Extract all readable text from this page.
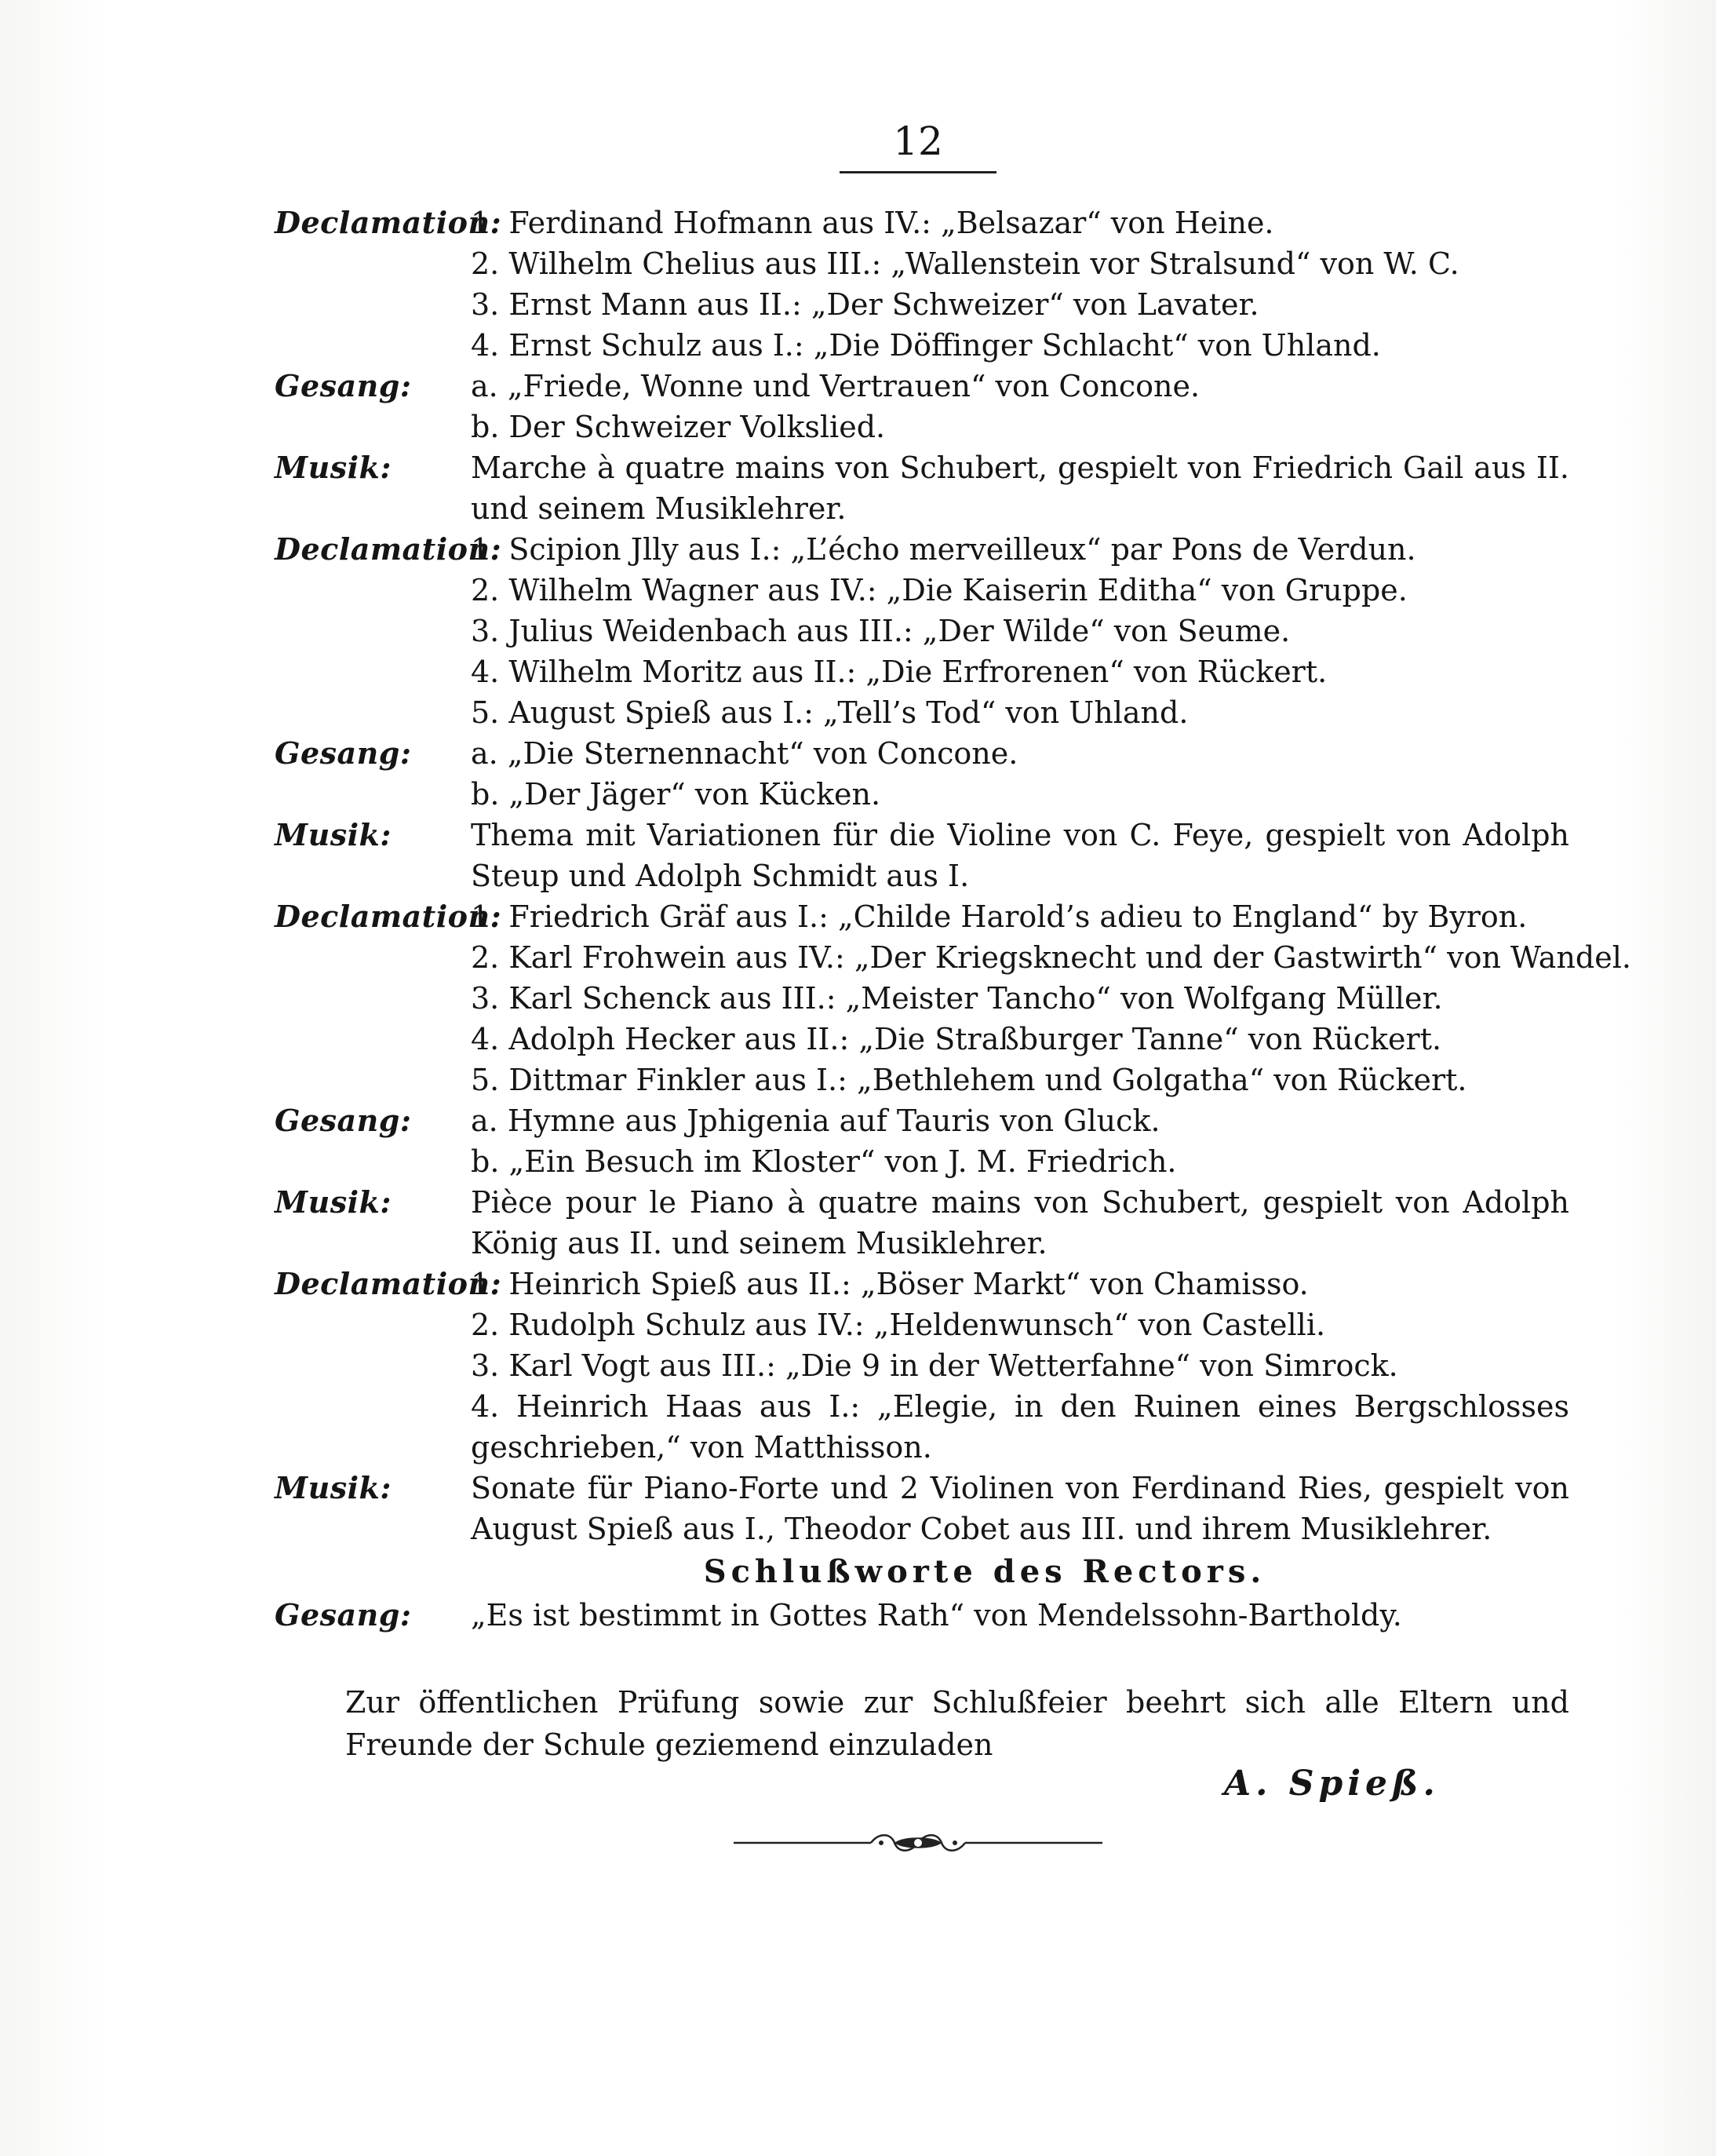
12
Declamation:
1. Ferdinand Hofmann aus IV.: „Belsazar“ von Heine.
2. Wilhelm Chelius aus III.: „Wallenstein vor Stralsund“ von W. C.
3. Ernst Mann aus II.: „Der Schweizer“ von Lavater.
4. Ernst Schulz aus I.: „Die Döffinger Schlacht“ von Uhland.
Gesang:	a. „Friede, Wonne und Vertrauen“ von Concone.
b. Der Schweizer Volkslied.
Musik:	Marche à quatre mains von Schubert, gespielt von Friedrich Gail aus II. und seinem Musiklehrer.
Declamation:
1. Scipion Jlly aus I.: „L’écho merveilleux“ par Pons de Verdun.
2. Wilhelm Wagner aus IV.: „Die Kaiserin Editha“ von Gruppe.
3. Julius Weidenbach aus III.: „Der Wilde“ von Seume.
4. Wilhelm Moritz aus II.: „Die Erfrorenen“ von Rückert.
5. August Spieß aus I.: „Tell’s Tod“ von Uhland.
Gesang:	a. „Die Sternennacht“ von Concone.
b. „Der Jäger“ von Kücken.
Musik:	Thema mit Variationen für die Violine von C. Feye, gespielt von Adolph Steup und Adolph Schmidt aus I.
Declamation:
1. Friedrich Gräf aus I.: „Childe Harold’s adieu to England“ by Byron.
2. Karl Frohwein aus IV.: „Der Kriegsknecht und der Gastwirth“ von Wandel.
3. Karl Schenck aus III.: „Meister Tancho“ von Wolfgang Müller.
4. Adolph Hecker aus II.: „Die Straßburger Tanne“ von Rückert.
5. Dittmar Finkler aus I.: „Bethlehem und Golgatha“ von Rückert.
Gesang:	a. Hymne aus Jphigenia auf Tauris von Gluck.
b. „Ein Besuch im Kloster“ von J. M. Friedrich.
Musik:	Pièce pour le Piano à quatre mains von Schubert, gespielt von Adolph König aus II. und seinem Musiklehrer.
Declamation:
1. Heinrich Spieß aus II.: „Böser Markt“ von Chamisso.
2. Rudolph Schulz aus IV.: „Heldenwunsch“ von Castelli.
3. Karl Vogt aus III.: „Die 9 in der Wetterfahne“ von Simrock.
4. Heinrich Haas aus I.: „Elegie, in den Ruinen eines Bergschlosses geschrieben,“ von Matthisson.
Musik:	Sonate für Piano-Forte und 2 Violinen von Ferdinand Ries, gespielt von August Spieß aus I., Theodor Cobet aus III. und ihrem Musiklehrer.
Schlußworte des Rectors.
Gesang:	„Es ist bestimmt in Gottes Rath“ von Mendelssohn-Bartholdy.
Zur öffentlichen Prüfung sowie zur Schlußfeier beehrt sich alle Eltern und Freunde der Schule geziemend einzuladen
A. Spieß.
